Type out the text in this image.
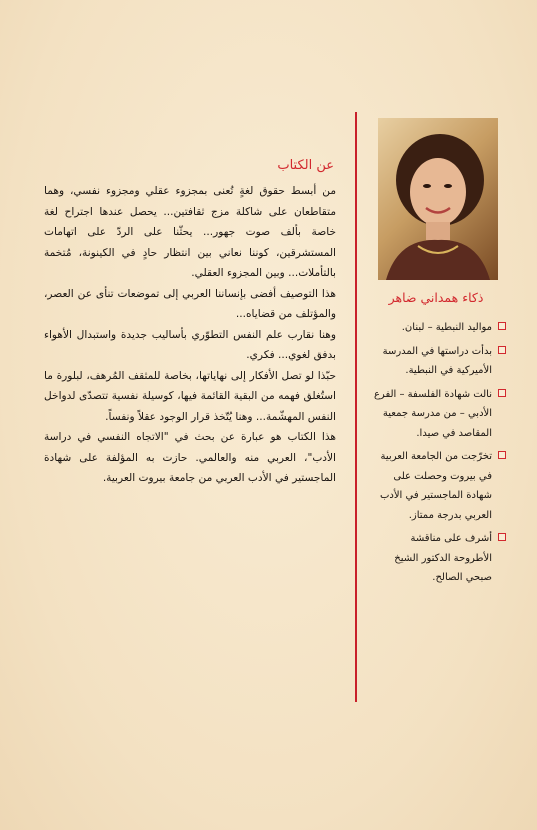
عن الكتاب

من أبسط حقوق لغةٍ تُعنى بمجزوء عقلي ومجزوء نفسي، وهما متقاطعان على شاكلة مزج ثقافتين... يحصل عندها اجتراح لغة خاصة بألف صوت جهور... يحثّنا على الردّ على اتهامات المستشرقين، كوننا نعاني بين انتظار حادٍ في الكينونة، مُتخمة بالتأملات... وبين المجزوء العقلي.

هذا التوصيف أفضى بإنساننا العربي إلى تموضعات تنأى عن العصر، والمؤتلف من قضاياه...

وهنا نقارب علم النفس التطوّري بأساليب جديدة واستبدال الأهواء بدفق لغوي... فكري.

حبّذا لو تصل الأفكار إلى نهاياتها، بخاصة للمثقف المُرهف، لبلورة ما استُغلق فهمه من البقية القائمة فيها، كوسيلة نفسية تتصدّى لدواخل النفس المهشّمة... وهنا يُتّخذ قرار الوجود عقلاً ونفساً.

هذا الكتاب هو عبارة عن بحث في "الاتجاه النفسي في دراسة الأدب"، العربي منه والعالمي. حازت به المؤلفة على شهادة الماجستير في الأدب العربي من جامعة بيروت العربية.

ذكاء همداني ضاهر
مواليد النبطية – لبنان.
بدأت دراستها في المدرسة الأميركية في النبطية.
نالت شهادة الفلسفة – الفرع الأدبي – من مدرسة جمعية المقاصد في صيدا.
تخرّجت من الجامعة العربية في بيروت وحصلت على شهادة الماجستير في الأدب العربي بدرجة ممتاز.
أشرف على مناقشة الأطروحة الدكتور الشيخ صبحي الصالح.
